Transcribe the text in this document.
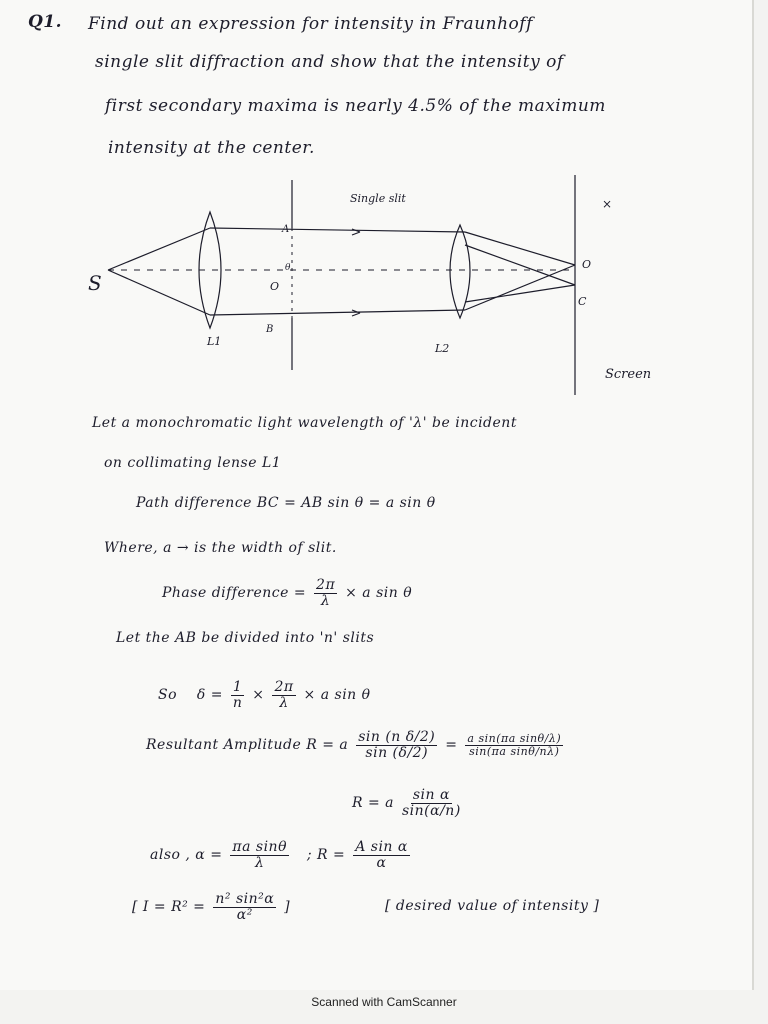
Q1. Find out an expression for intensity in Fraunhoff
single slit diffraction and show that the intensity of
first secondary maxima is nearly 4.5% of the maximum
intensity at the center.
S
Single slit
L1
L2
A
B
O
θ	O
C
×
Screen
Let a monochromatic light wavelength of 'λ' be incident
on collimating lense L1
Path difference BC = AB sin θ = a sin θ
Where, a → is the width of slit.
Phase difference = $\frac{2\pi}{\lambda} \times a$ sin θ
Let the AB be divided into 'n' slits
So $\delta = \frac{1}{n} \times \frac{2\pi}{\lambda} \times a$ sin θ
Resultant Amplitude R = a $\frac{\text{sin (n δ/2)}}{\sin (\delta/2)} = \frac{\text{a sin(πa sinθ/λ)}}{\text{sin(πa sinθ/nλ)}}$
R = a $\frac{\text{sin α}}{\sin(\alpha/n)}$
also , $\alpha = \frac{\text{πa sinθ}}{\lambda}$ ; $R = \frac{\text{A sin α}}{\alpha}$
[ $I = R^2 = \frac{\text{n² sin²α}}{\text{α²}}$ ]	[ desired value of intensity ]
Scanned with CamScanner
